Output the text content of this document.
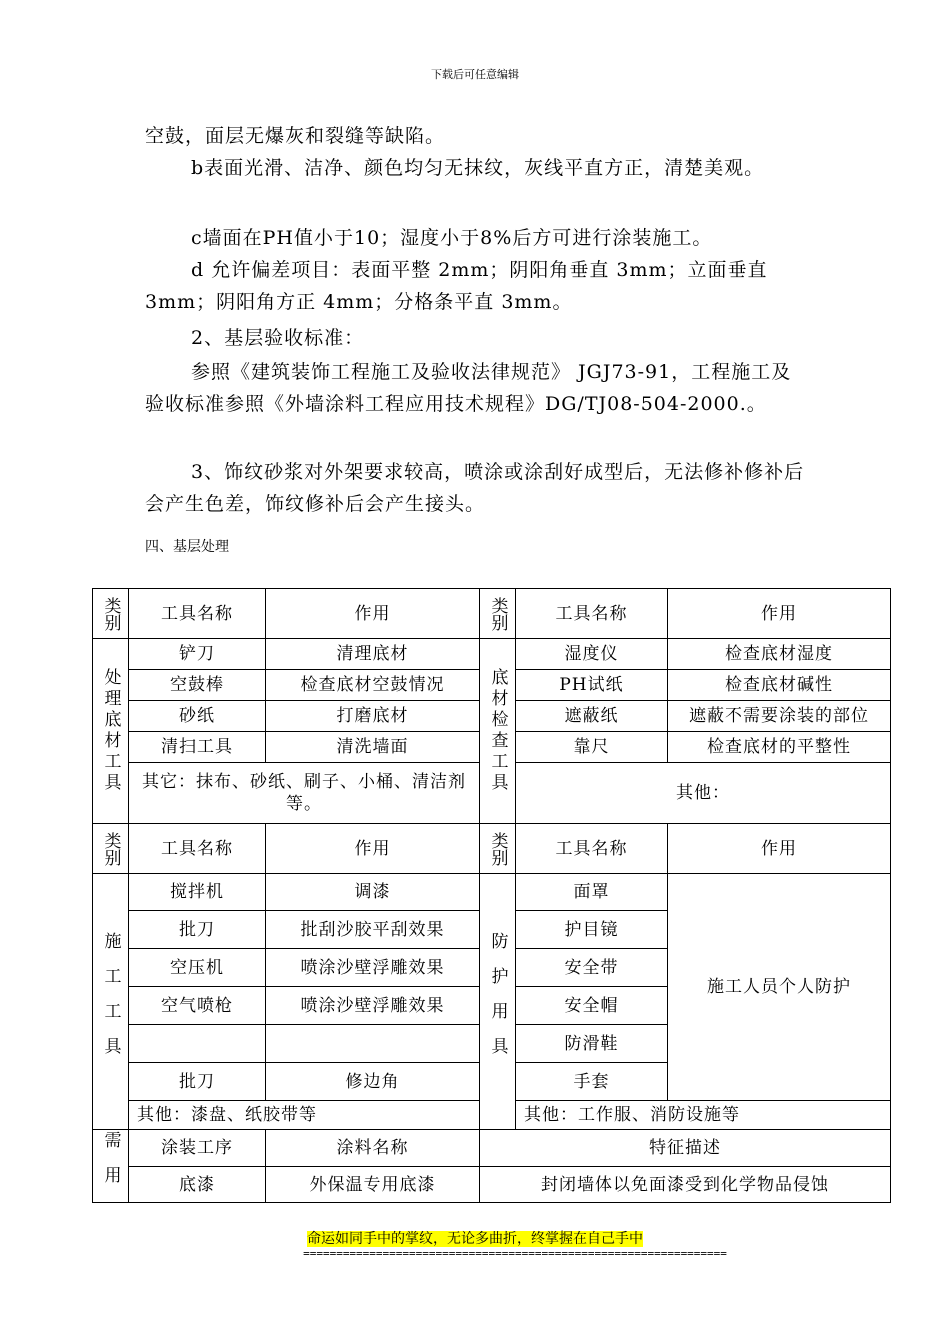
下载后可任意编辑
空鼓，面层无爆灰和裂缝等缺陷。
b表面光滑、洁净、颜色均匀无抹纹，灰线平直方正，清楚美观。
c墙面在PH值小于10；湿度小于8%后方可进行涂装施工。
d 允许偏差项目：表面平整 2mm；阴阳角垂直 3mm；立面垂直3mm；阴阳角方正 4mm；分格条平直 3mm。
2、基层验收标准：
参照《建筑装饰工程施工及验收法律规范》 JGJ73-91，工程施工及验收标准参照《外墙涂料工程应用技术规程》DG/TJ08-504-2000.。
3、饰纹砂浆对外架要求较高，喷涂或涂刮好成型后，无法修补修补后会产生色差，饰纹修补后会产生接头。
四、基层处理
类别	工具名称	作用	类别	工具名称	作用
处理底材工具	铲刀	清理底材	底材检查工具	湿度仪	检查底材湿度
	空鼓棒	检查底材空鼓情况		PH试纸	检查底材碱性
	砂纸	打磨底材		遮蔽纸	遮蔽不需要涂装的部位
	清扫工具	清洗墙面		靠尺	检查底材的平整性
	其它：抹布、砂纸、刷子、小桶、清洁剂等。			其他：	
类别	工具名称	作用	类别	工具名称	作用
施工工具	搅拌机	调漆	防护用具	面罩	施工人员个人防护
	批刀	批刮沙胶平刮效果		护目镜	
	空压机	喷涂沙壁浮雕效果		安全带	
	空气喷枪	喷涂沙壁浮雕效果		安全帽	
				防滑鞋	
	批刀	修边角		手套	
	其他：漆盘、纸胶带等			其他：工作服、消防设施等	
需用	涂装工序	涂料名称	特征描述		
	底漆	外保温专用底漆	封闭墙体以免面漆受到化学物品侵蚀		
命运如同手中的掌纹，无论多曲折，终掌握在自己手中
================================================================
